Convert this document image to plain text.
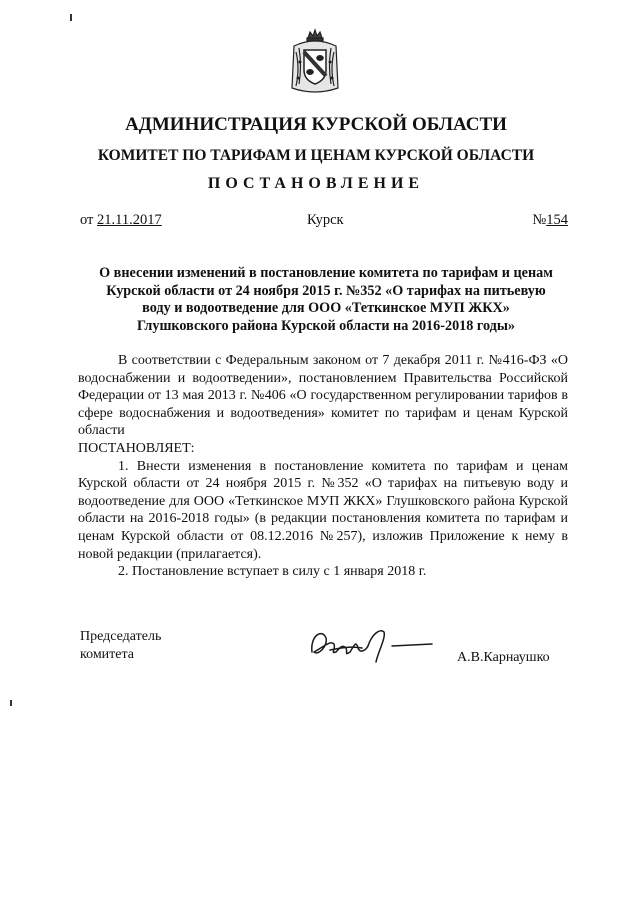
АДМИНИСТРАЦИЯ КУРСКОЙ ОБЛАСТИ
КОМИТЕТ ПО ТАРИФАМ И ЦЕНАМ КУРСКОЙ ОБЛАСТИ
ПОСТАНОВЛЕНИЕ
от 21.11.2017	Курск	№154
О внесении изменений в постановление комитета по тарифам и ценам
Курской области от 24 ноября 2015 г. №352 «О тарифах на питьевую
воду и водоотведение для ООО «Теткинское МУП ЖКХ»
Глушковского района Курской области на 2016-2018 годы»

В соответствии с Федеральным законом от 7 декабря 2011 г. №416-ФЗ «О водоснабжении и водоотведении», постановлением Правительства Российской Федерации от 13 мая 2013 г. №406 «О государственном регулировании тарифов в сфере водоснабжения и водоотведения» комитет по тарифам и ценам Курской области

ПОСТАНОВЛЯЕТ:

1. Внести изменения в постановление комитета по тарифам и ценам Курской области от 24 ноября 2015 г. №352 «О тарифах на питьевую воду и водоотведение для ООО «Теткинское МУП ЖКХ» Глушковского района Курской области на 2016-2018 годы» (в редакции постановления комитета по тарифам и ценам Курской области от 08.12.2016 №257), изложив Приложение к нему в новой редакции (прилагается).

2. Постановление вступает в силу с 1 января 2018 г.

Председатель
комитета	А.В.Карнаушко
